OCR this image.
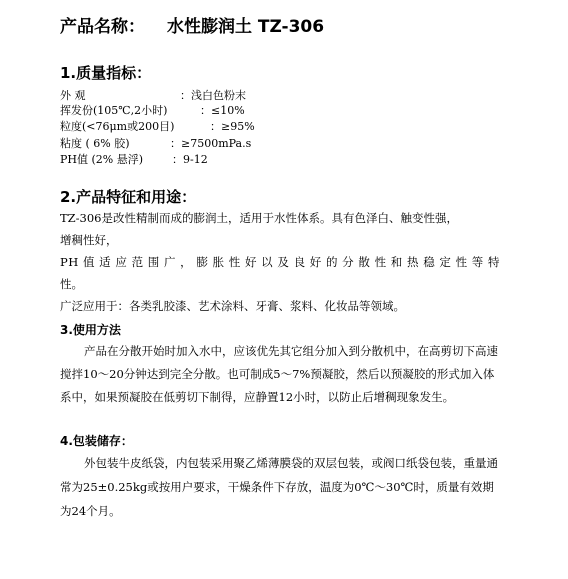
产品名称： 水性膨润土 TZ-306
1.质量指标：
外 观	：浅白色粉末
挥发份(105℃,2小时)	：≤10%
粒度(<76μm或200目)	：≥95%
粘度 ( 6% 胶)	：≥7500mPa.s
PH值 (2% 悬浮)	：9-12
2.产品特征和用途：
TZ-306是改性精制而成的膨润土，适用于水性体系。具有色泽白、触变性强，
增稠性好，
PH值适应范围广，膨胀性好以及良好的分散性和热稳定性等特
性。
广泛应用于：各类乳胶漆、艺术涂料、牙膏、浆料、化妆品等领域。
3.使用方法
产品在分散开始时加入水中，应该优先其它组分加入到分散机中，在高剪切下高速搅拌10～20分钟达到完全分散。也可制成5～7%预凝胶，然后以预凝胶的形式加入体系中，如果预凝胶在低剪切下制得，应静置12小时，以防止后增稠现象发生。
4.包装储存：
外包装牛皮纸袋，内包装采用聚乙烯薄膜袋的双层包装，或阀口纸袋包装，重量通常为25±0.25kg或按用户要求，干燥条件下存放，温度为0℃～30℃时，质量有效期为24个月。
